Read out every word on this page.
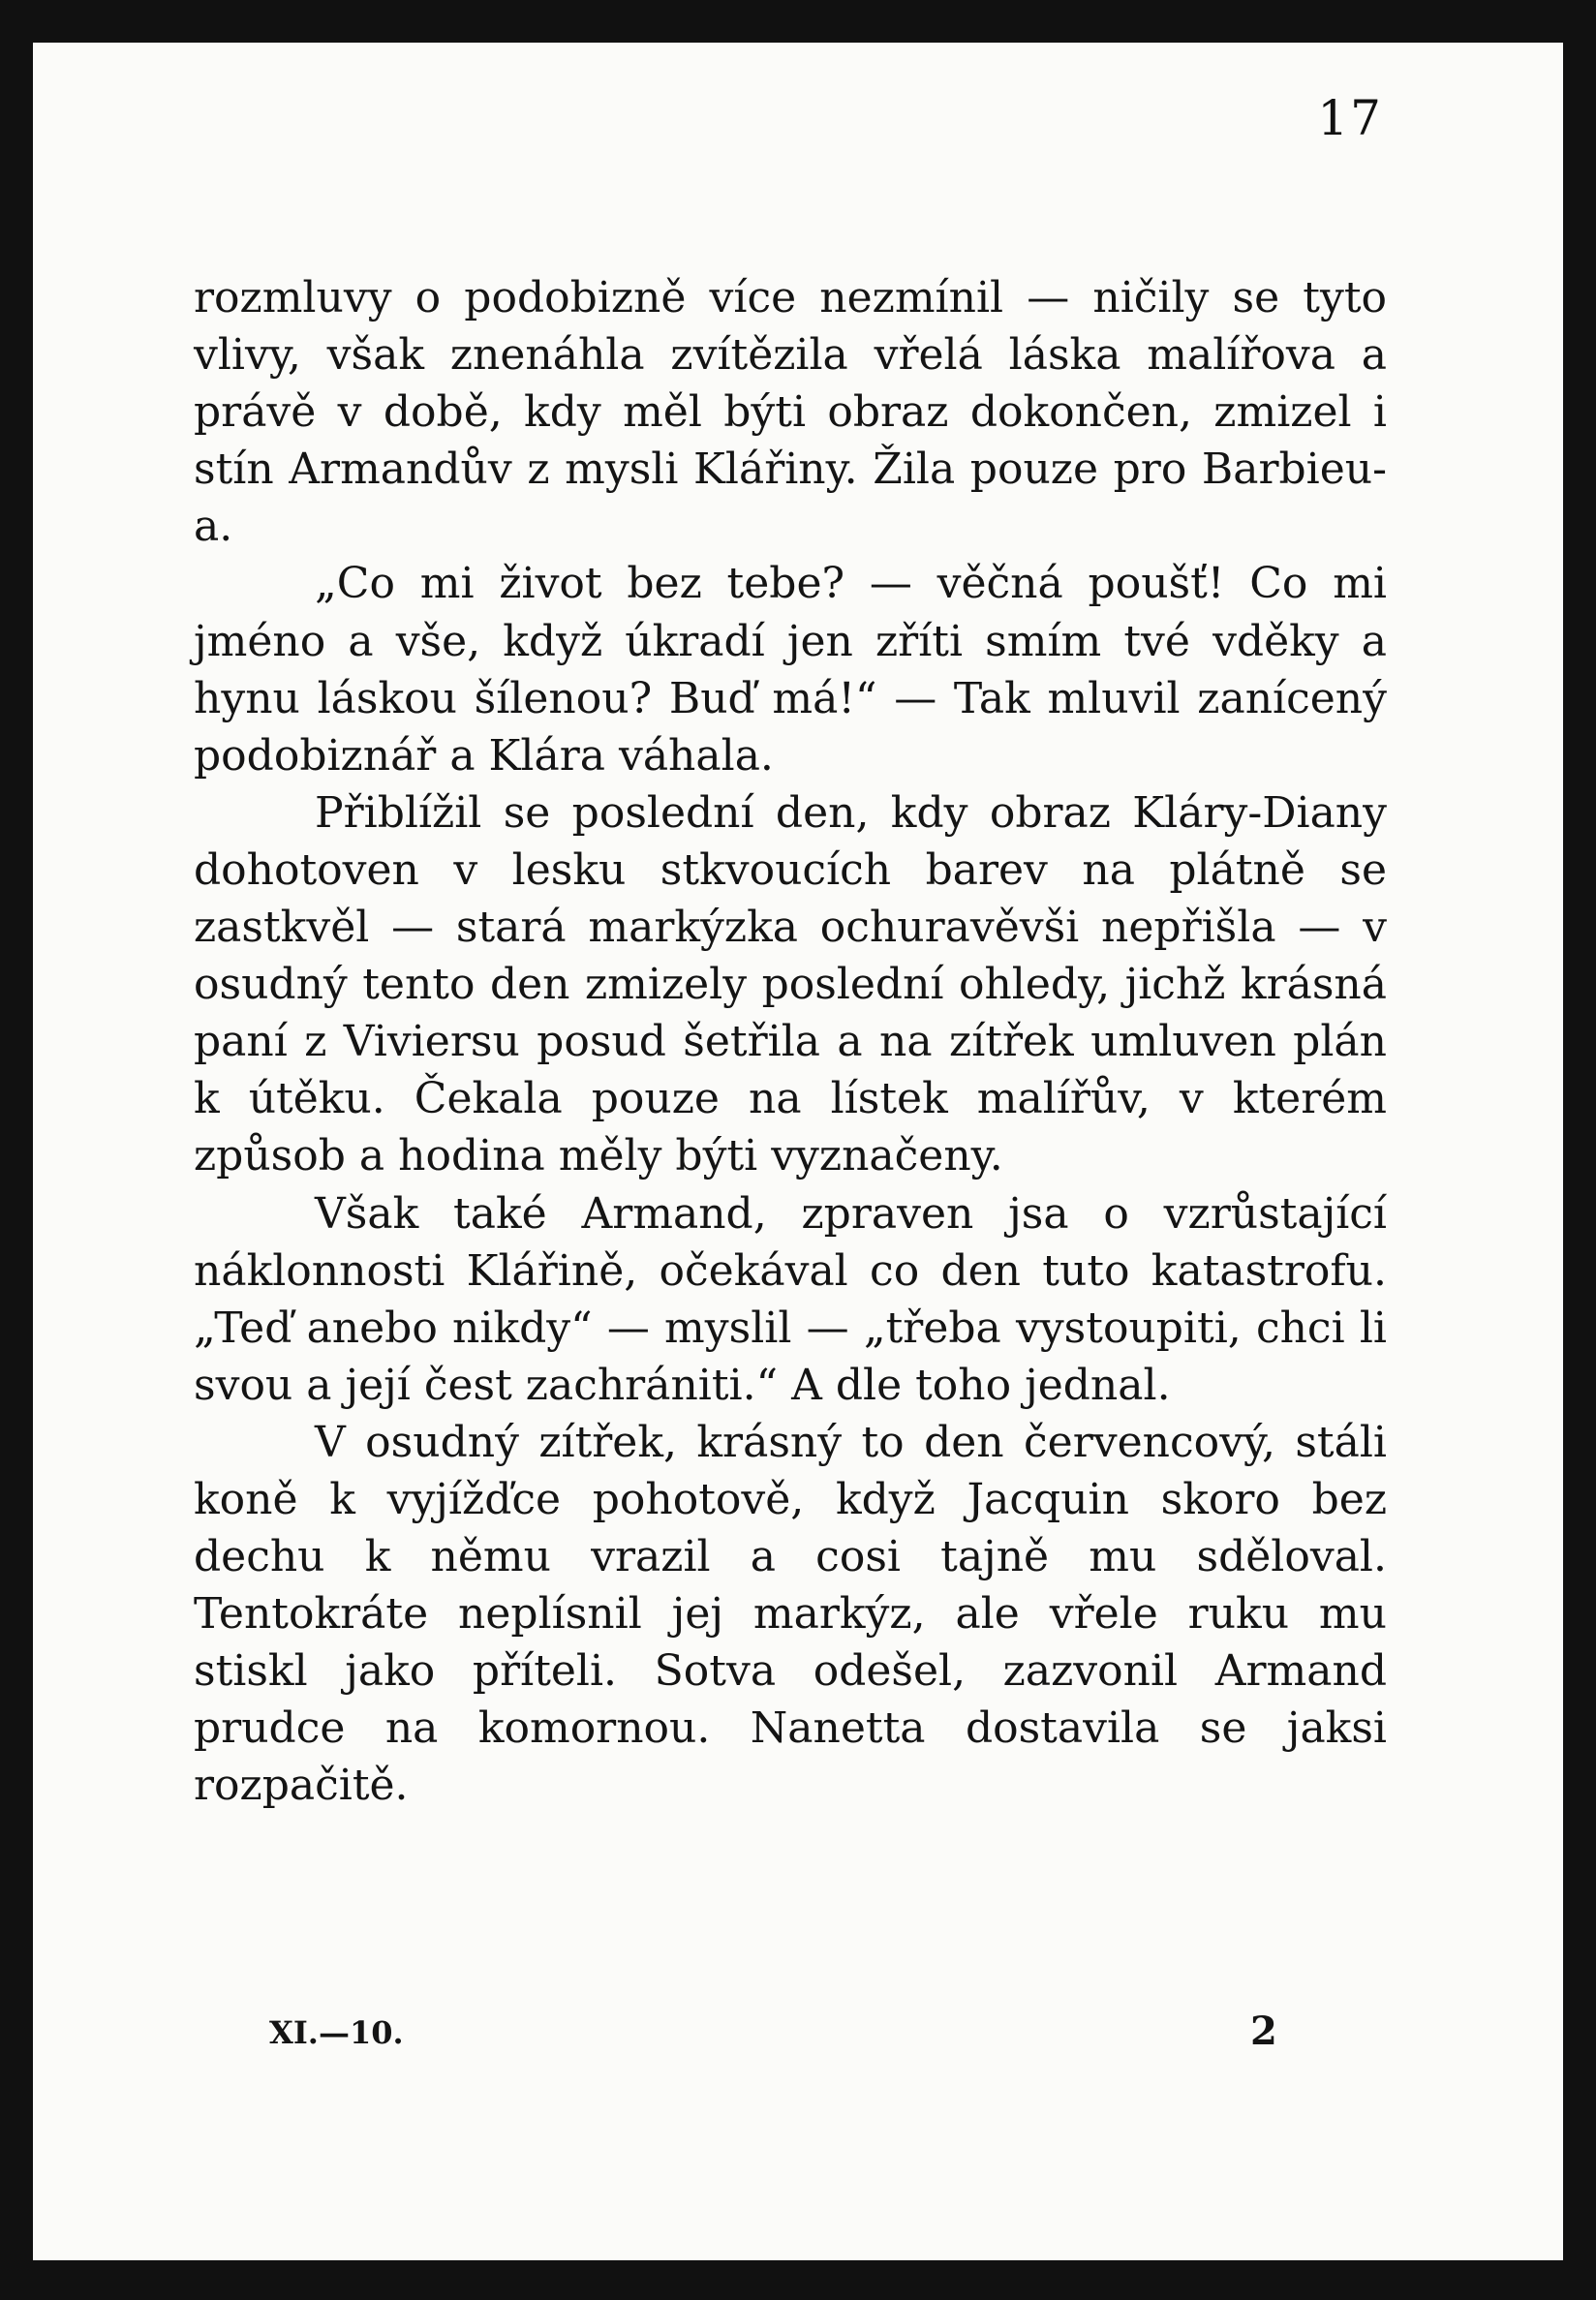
17

rozmluvy o podobizně více nezmínil — ničily se tyto vlivy, však znenáhla zvítězila vřelá láska malířova a právě v době, kdy měl býti obraz dokončen, zmizel i stín Armandův z mysli Klářiny. Žila pouze pro Barbieu-a.

„Co mi život bez tebe? — věčná poušť! Co mi jméno a vše, když úkradí jen zříti smím tvé vděky a hynu láskou šílenou? Buď má!“ — Tak mluvil zanícený podobiznář a Klára váhala.

Přiblížil se poslední den, kdy obraz Kláry-Diany dohotoven v lesku stkvoucích barev na plátně se zastkvěl — stará markýzka ochuravěvši nepřišla — v osudný tento den zmizely poslední ohledy, jichž krásná paní z Viviersu posud šetřila a na zítřek umluven plán k útěku. Čekala pouze na lístek malířův, v kterém způsob a hodina měly býti vyznačeny.

Však také Armand, zpraven jsa o vzrůstající náklonnosti Klářině, očekával co den tuto katastrofu. „Teď anebo nikdy“ — myslil — „třeba vystoupiti, chci li svou a její čest zachrániti.“ A dle toho jednal.

V osudný zítřek, krásný to den červencový, stáli koně k vyjížďce pohotově, když Jacquin skoro bez dechu k němu vrazil a cosi tajně mu sděloval. Tentokráte neplísnil jej markýz, ale vřele ruku mu stiskl jako příteli. Sotva odešel, zazvonil Armand prudce na komornou. Nanetta dostavila se jaksi rozpačitě.

XI.—10.	2
